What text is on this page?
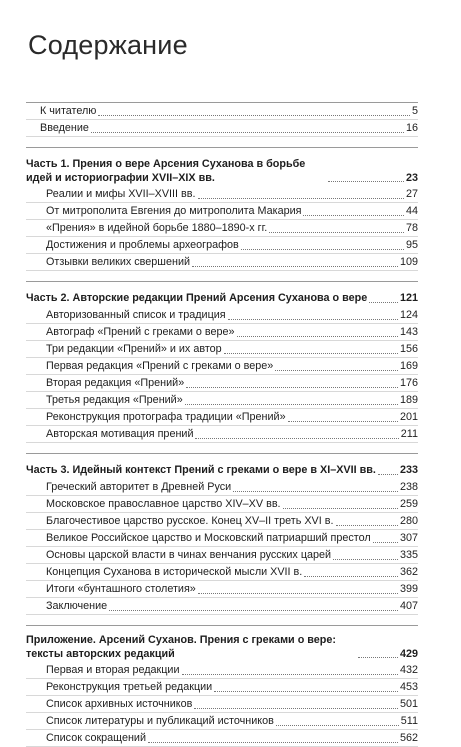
Содержание
К читателю	5
Введение	16
Часть 1. Прения о вере Арсения Суханова в борьбе идей и историографии XVII–XIX вв.	23
Реалии и мифы XVII–XVIII вв.	27
От митрополита Евгения до митрополита Макария	44
«Прения» в идейной борьбе 1880–1890-х гг.	78
Достижения и проблемы археографов	95
Отзывки великих свершений	109
Часть 2. Авторские редакции Прений Арсения Суханова о вере	121
Авторизованный список и традиция	124
Автограф «Прений с греками о вере»	143
Три редакции «Прений» и их автор	156
Первая редакция «Прений с греками о вере»	169
Вторая редакция «Прений»	176
Третья редакция «Прений»	189
Реконструкция протографа традиции «Прений»	201
Авторская мотивация прений	211
Часть 3. Идейный контекст Прений с греками о вере в XI–XVII вв. 233
Греческий авторитет в Древней Руси	238
Московское православное царство XIV–XV вв.	259
Благочестивое царство русское. Конец XV–II треть XVI в.	280
Великое Российское царство и Московский патриарший престол	307
Основы царской власти в чинах венчания русских царей	335
Концепция Суханова в исторической мысли XVII в.	362
Итоги «бунташного столетия»	399
Заключение	407
Приложение. Арсений Суханов. Прения с греками о вере: тексты авторских редакций	429
Первая и вторая редакции	432
Реконструкция третьей редакции	453
Список архивных источников	501
Список литературы и публикаций источников	511
Список сокращений	562
